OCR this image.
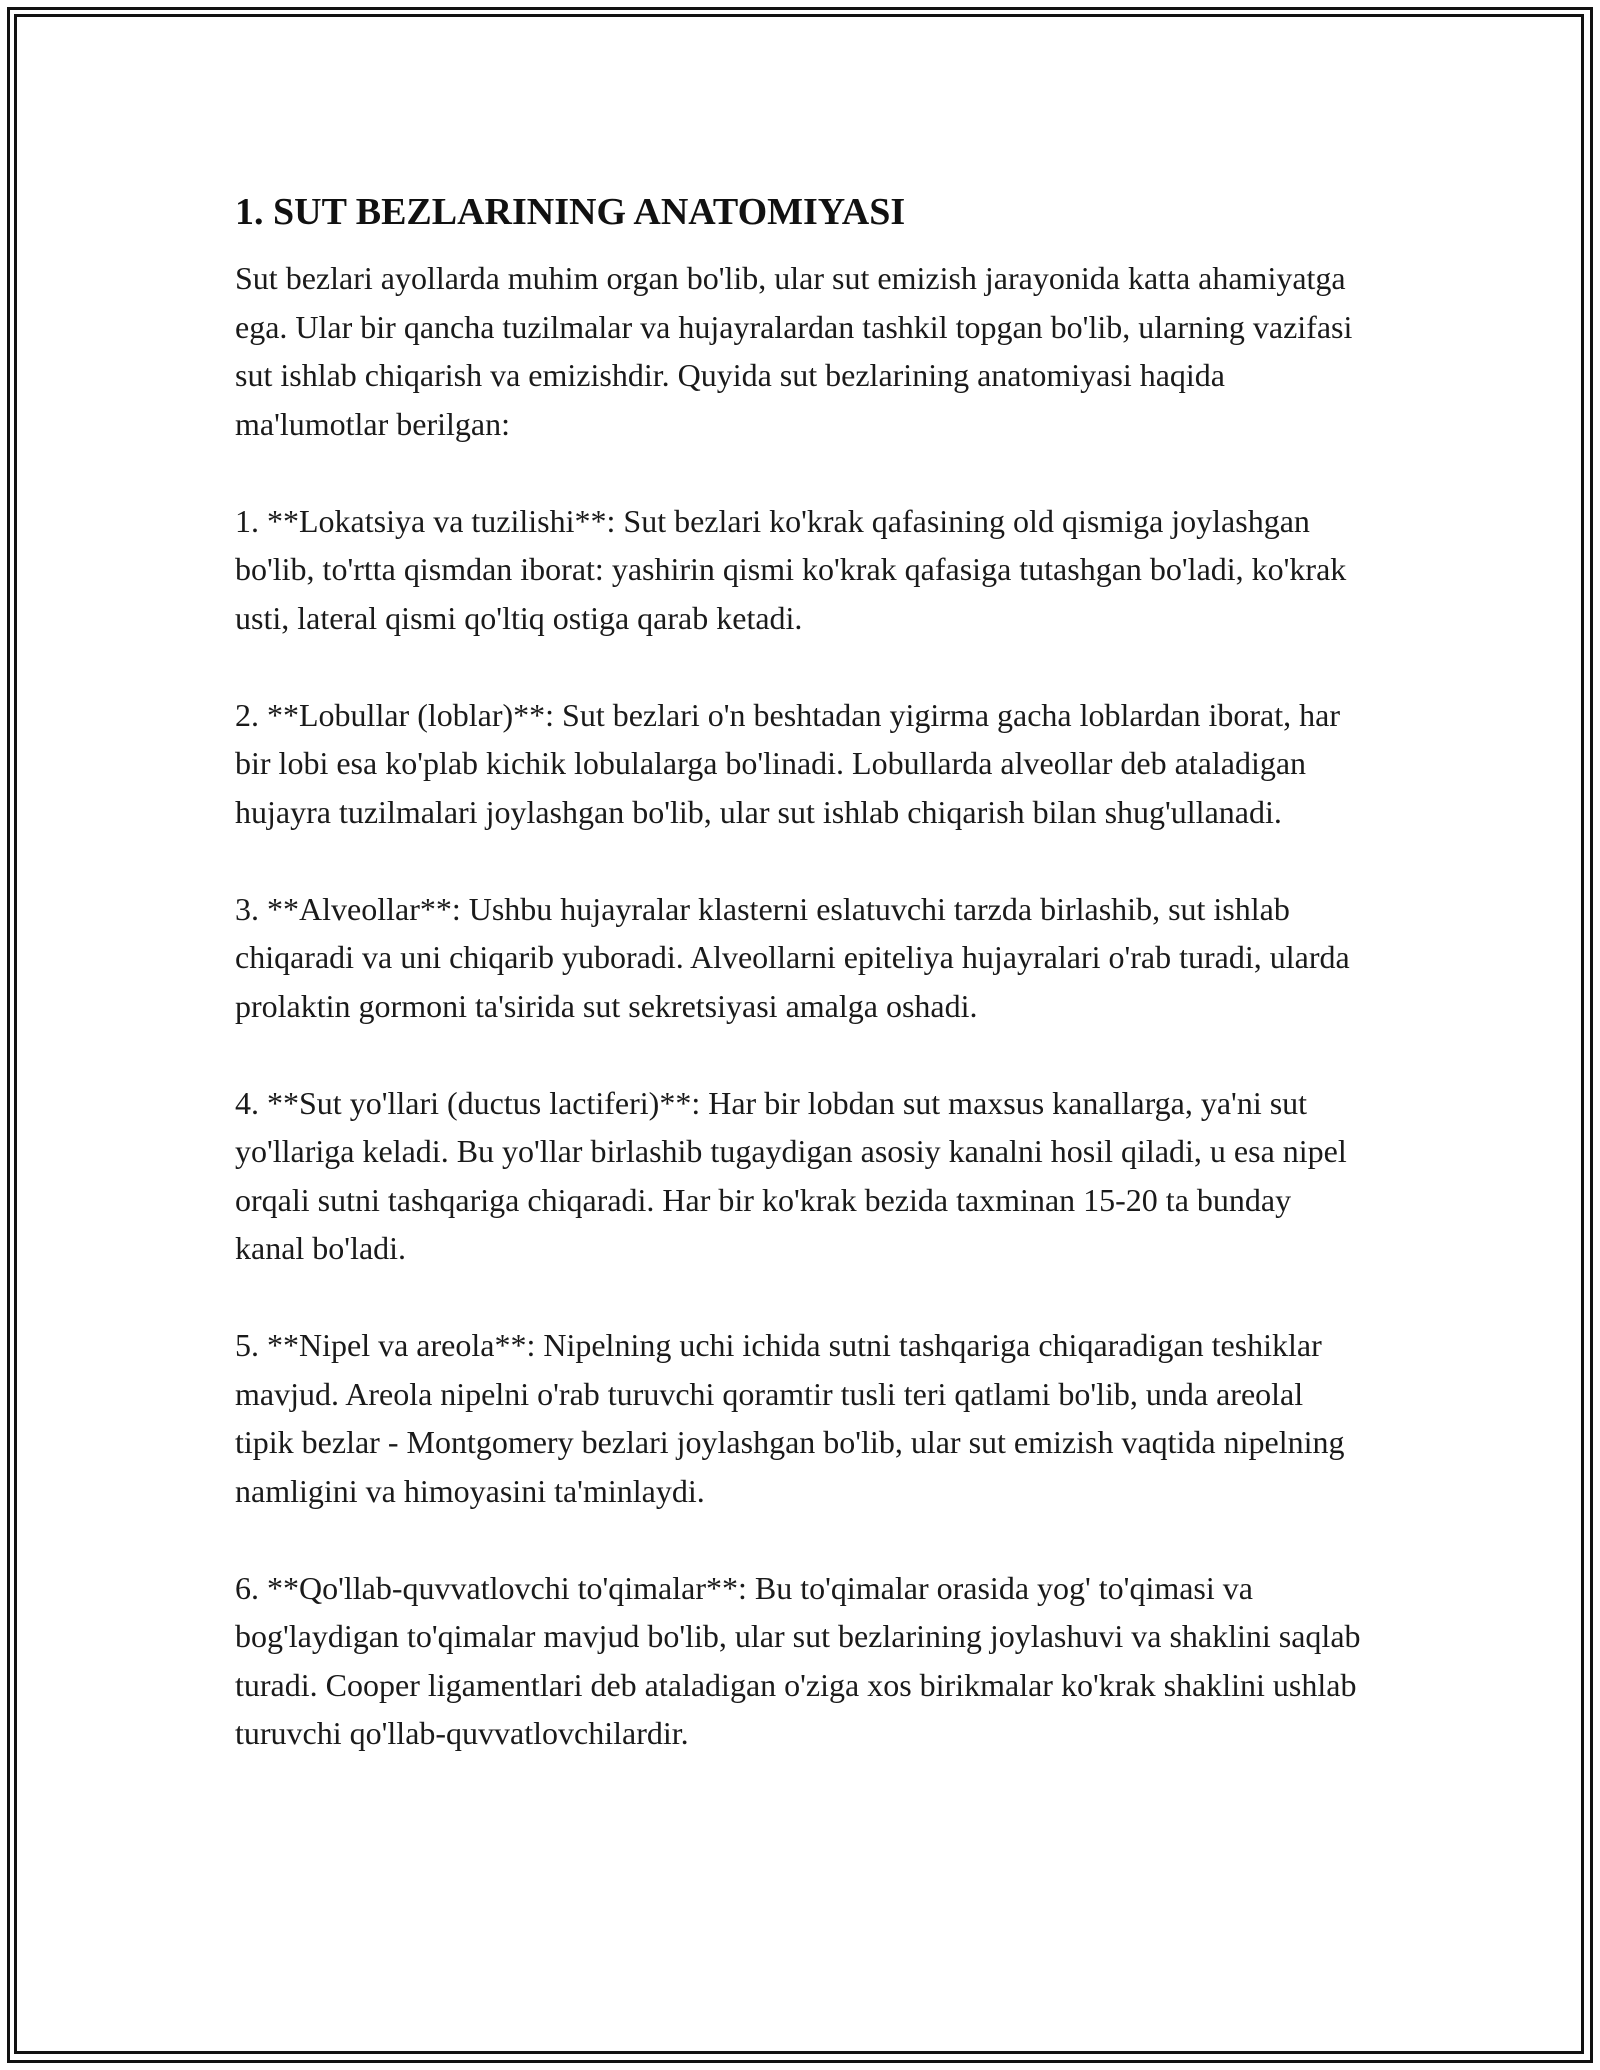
1. SUT BEZLARINING ANATOMIYASI

Sut bezlari ayollarda muhim organ bo'lib, ular sut emizish jarayonida katta ahamiyatga ega. Ular bir qancha tuzilmalar va hujayralardan tashkil topgan bo'lib, ularning vazifasi sut ishlab chiqarish va emizishdir. Quyida sut bezlarining anatomiyasi haqida ma'lumotlar berilgan:

1. **Lokatsiya va tuzilishi**: Sut bezlari ko'krak qafasining old qismiga joylashgan bo'lib, to'rtta qismdan iborat: yashirin qismi ko'krak qafasiga tutashgan bo'ladi, ko'krak usti, lateral qismi qo'ltiq ostiga qarab ketadi.

2. **Lobullar (loblar)**: Sut bezlari o'n beshtadan yigirma gacha loblardan iborat, har bir lobi esa ko'plab kichik lobulalarga bo'linadi. Lobullarda alveollar deb ataladigan hujayra tuzilmalari joylashgan bo'lib, ular sut ishlab chiqarish bilan shug'ullanadi.

3. **Alveollar**: Ushbu hujayralar klasterni eslatuvchi tarzda birlashib, sut ishlab chiqaradi va uni chiqarib yuboradi. Alveollarni epiteliya hujayralari o'rab turadi, ularda prolaktin gormoni ta'sirida sut sekretsiyasi amalga oshadi.

4. **Sut yo'llari (ductus lactiferi)**: Har bir lobdan sut maxsus kanallarga, ya'ni sut yo'llariga keladi. Bu yo'llar birlashib tugaydigan asosiy kanalni hosil qiladi, u esa nipel orqali sutni tashqariga chiqaradi. Har bir ko'krak bezida taxminan 15-20 ta bunday kanal bo'ladi.

5. **Nipel va areola**: Nipelning uchi ichida sutni tashqariga chiqaradigan teshiklar mavjud. Areola nipelni o'rab turuvchi qoramtir tusli teri qatlami bo'lib, unda areolal tipik bezlar - Montgomery bezlari joylashgan bo'lib, ular sut emizish vaqtida nipelning namligini va himoyasini ta'minlaydi.

6. **Qo'llab-quvvatlovchi to'qimalar**: Bu to'qimalar orasida yog' to'qimasi va bog'laydigan to'qimalar mavjud bo'lib, ular sut bezlarining joylashuvi va shaklini saqlab turadi. Cooper ligamentlari deb ataladigan o'ziga xos birikmalar ko'krak shaklini ushlab turuvchi qo'llab-quvvatlovchilardir.
